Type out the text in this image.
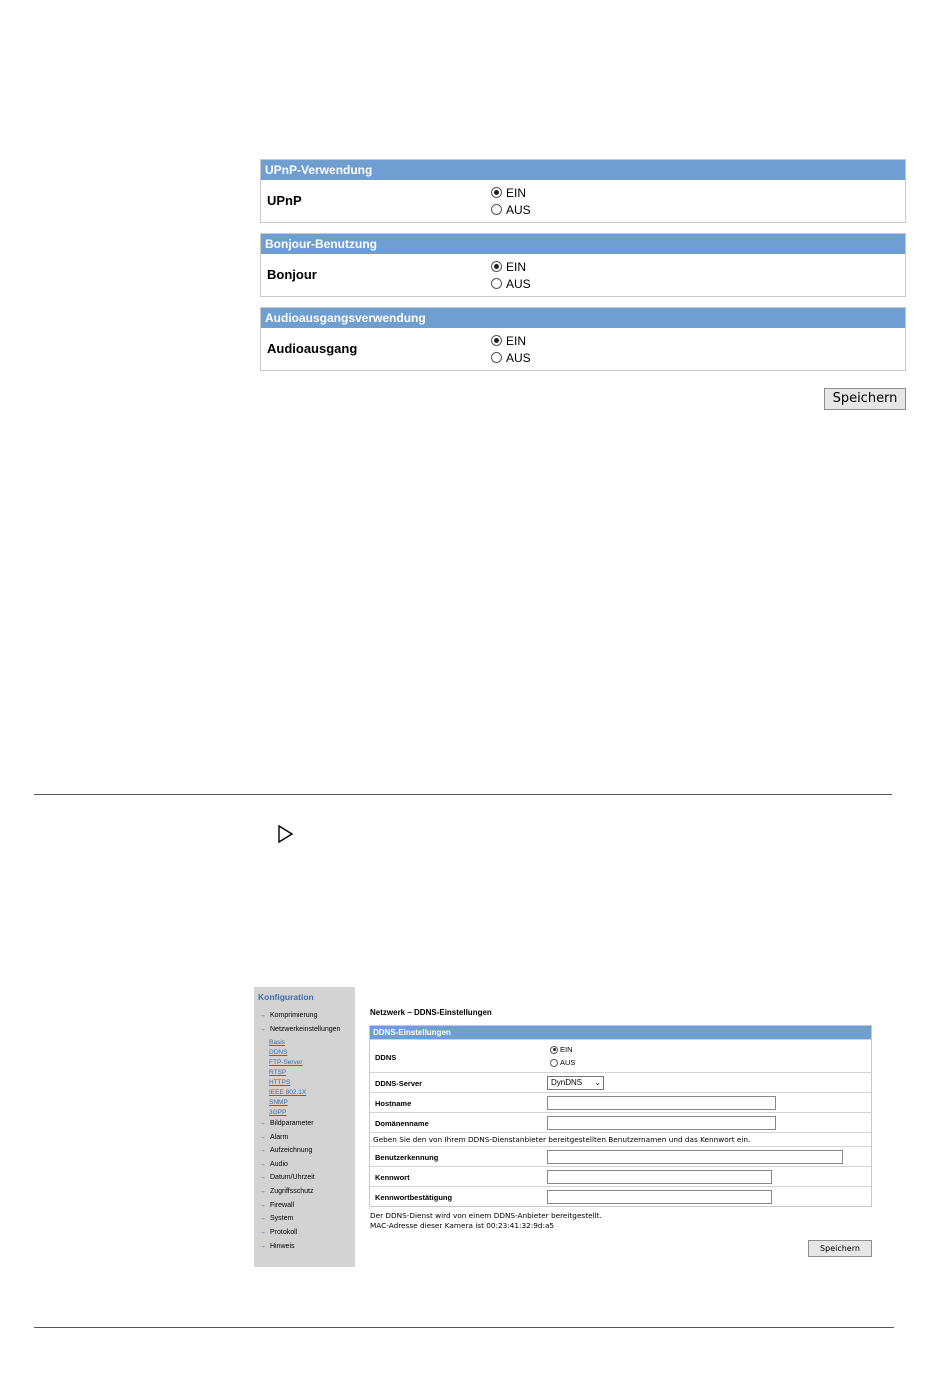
UPnP-Verwendung
UPnP
EIN
AUS
Bonjour-Benutzung
Bonjour
EIN
AUS
Audioausgangsverwendung
Audioausgang
EIN
AUS
Speichern
Konfiguration
→ Komprimierung
→ Netzwerkeinstellungen
Basis
DDNS
FTP-Server
RTSP
HTTPS
IEEE 802.1X
SNMP
3GPP
→ Bildparameter
→ Alarm
→ Aufzeichnung
→ Audio
→ Datum/Uhrzeit
→ Zugriffsschutz
→ Firewall
→ System
→ Protokoll
→ Hinweis
Netzwerk – DDNS-Einstellungen
DDNS-Einstellungen
DDNS
EIN
AUS
DDNS-Server	DynDNS ⌄
Hostname
Domänenname
Geben Sie den von Ihrem DDNS-Dienstanbieter bereitgestellten Benutzernamen und das Kennwort ein.
Benutzerkennung
Kennwort
Kennwortbestätigung
Der DDNS-Dienst wird von einem DDNS-Anbieter bereitgestellt.
MAC-Adresse dieser Kamera ist 00:23:41:32:9d:a5
Speichern
